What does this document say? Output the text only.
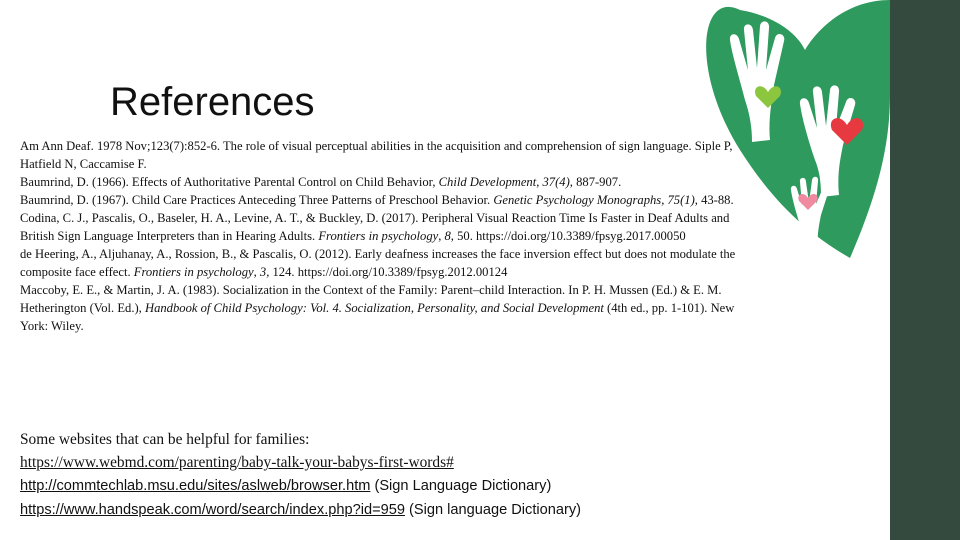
References

Am Ann Deaf. 1978 Nov;123(7):852-6. The role of visual perceptual abilities in the acquisition and comprehension of sign language. Siple P, Hatfield N, Caccamise F.

Baumrind, D. (1966). Effects of Authoritative Parental Control on Child Behavior, Child Development, 37(4), 887-907.

Baumrind, D. (1967). Child Care Practices Anteceding Three Patterns of Preschool Behavior. Genetic Psychology Monographs, 75(1), 43-88.

Codina, C. J., Pascalis, O., Baseler, H. A., Levine, A. T., & Buckley, D. (2017). Peripheral Visual Reaction Time Is Faster in Deaf Adults and British Sign Language Interpreters than in Hearing Adults. Frontiers in psychology, 8, 50. https://doi.org/10.3389/fpsyg.2017.00050

de Heering, A., Aljuhanay, A., Rossion, B., & Pascalis, O. (2012). Early deafness increases the face inversion effect but does not modulate the composite face effect. Frontiers in psychology, 3, 124. https://doi.org/10.3389/fpsyg.2012.00124

Maccoby, E. E., & Martin, J. A. (1983). Socialization in the Context of the Family: Parent–child Interaction. In P. H. Mussen (Ed.) & E. M. Hetherington (Vol. Ed.), Handbook of Child Psychology: Vol. 4. Socialization, Personality, and Social Development (4th ed., pp. 1-101). New York: Wiley.

Some websites that can be helpful for families:

https://www.webmd.com/parenting/baby-talk-your-babys-first-words#

http://commtechlab.msu.edu/sites/aslweb/browser.htm (Sign Language Dictionary)

https://www.handspeak.com/word/search/index.php?id=959 (Sign language Dictionary)
